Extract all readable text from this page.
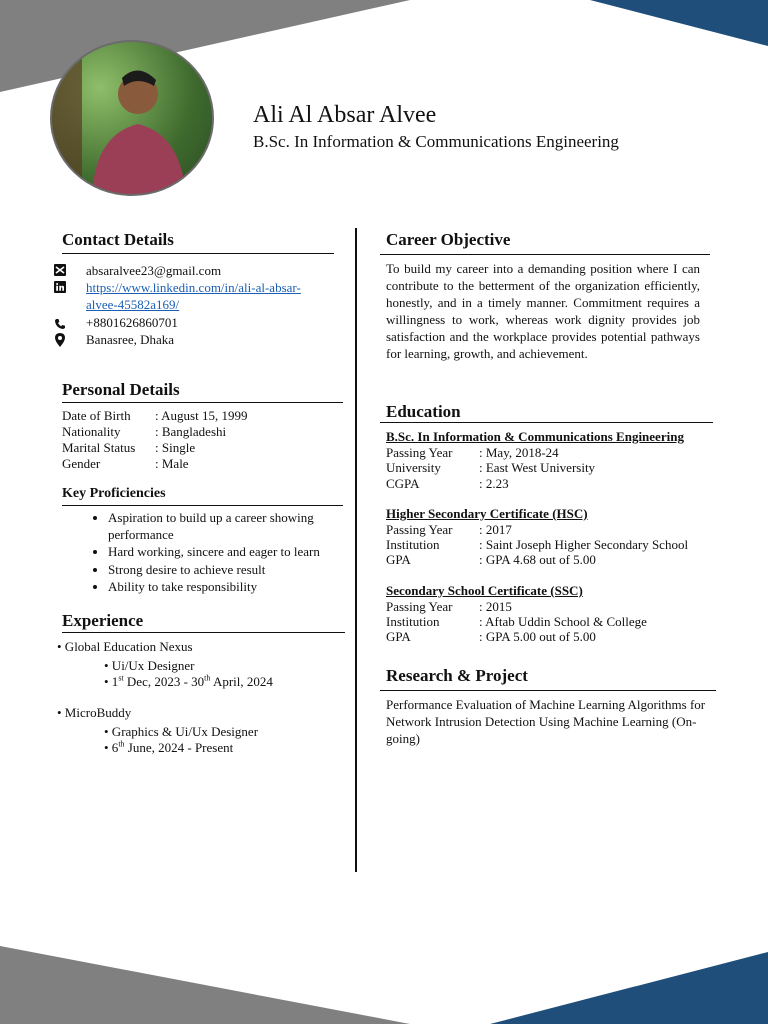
Ali Al Absar Alvee
B.Sc. In Information & Communications Engineering
Contact Details
absaralvee23@gmail.com
https://www.linkedin.com/in/ali-al-absar-
alvee-45582a169/
+8801626860701
Banasree, Dhaka
Personal Details
Date of Birth : August 15, 1999
Nationality	: Bangladeshi
Marital Status : Single
Gender	: Male
Key Proficiencies
• Aspiration to build up a career showing performance
• Hard working, sincere and eager to learn
• Strong desire to achieve result
• Ability to take responsibility
Experience
• Global Education Nexus
• Ui/Ux Designer
• 1st Dec, 2023 - 30th April, 2024
• MicroBuddy
• Graphics & Ui/Ux Designer
• 6th June, 2024 - Present
Career Objective

To build my career into a demanding position where I can contribute to the betterment of the organization efficiently, honestly, and in a timely manner. Commitment requires a willingness to work, whereas work dignity provides job satisfaction and the workplace provides potential pathways for learning, growth, and achievement.

Education
B.Sc. In Information & Communications Engineering
Passing Year : May, 2018-24
University	: East West University
CGPA	: 2.23
Higher Secondary Certificate (HSC)
Passing Year : 2017
Institution	: Saint Joseph Higher Secondary School
GPA	: GPA 4.68 out of 5.00
Secondary School Certificate (SSC)
Passing Year : 2015
Institution	: Aftab Uddin School & College
GPA	: GPA 5.00 out of 5.00
Research & Project

Performance Evaluation of Machine Learning Algorithms for Network Intrusion Detection Using Machine Learning (On-going)
